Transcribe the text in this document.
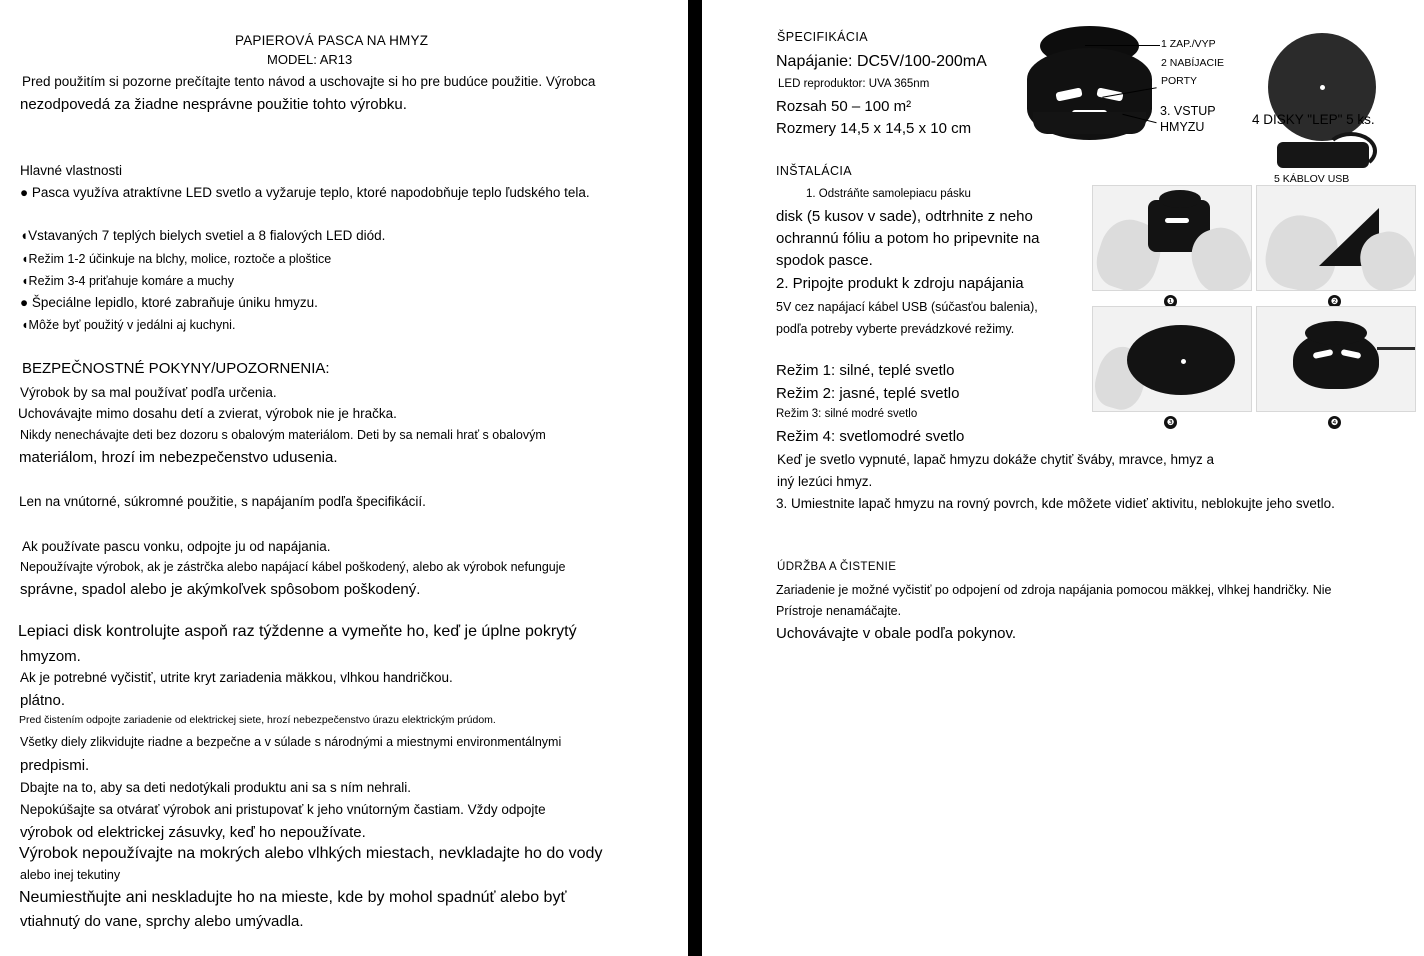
PAPIEROVÁ PASCA NA HMYZ
MODEL: AR13
Pred použitím si pozorne prečítajte tento návod a uschovajte si ho pre budúce použitie. Výrobca
nezodpovedá za žiadne nesprávne použitie tohto výrobku.
Hlavné vlastnosti
● Pasca využíva atraktívne LED svetlo a vyžaruje teplo, ktoré napodobňuje teplo ľudského tela.
◖Vstavaných 7 teplých bielych svetiel a 8 fialových LED diód.
◖Režim 1-2 účinkuje na blchy, molice, roztoče a ploštice
◖Režim 3-4 priťahuje komáre a muchy
● Špeciálne lepidlo, ktoré zabraňuje úniku hmyzu.
◖Môže byť použitý v jedálni aj kuchyni.
BEZPEČNOSTNÉ POKYNY/UPOZORNENIA:
Výrobok by sa mal používať podľa určenia.
Uchovávajte mimo dosahu detí a zvierat, výrobok nie je hračka.
Nikdy nenechávajte deti bez dozoru s obalovým materiálom. Deti by sa nemali hrať s obalovým
materiálom, hrozí im nebezpečenstvo udusenia.
Len na vnútorné, súkromné použitie, s napájaním podľa špecifikácií.
Ak používate pascu vonku, odpojte ju od napájania.
Nepoužívajte výrobok, ak je zástrčka alebo napájací kábel poškodený, alebo ak výrobok nefunguje
správne, spadol alebo je akýmkoľvek spôsobom poškodený.
Lepiaci disk kontrolujte aspoň raz týždenne a vymeňte ho, keď je úplne pokrytý
hmyzom.
Ak je potrebné vyčistiť, utrite kryt zariadenia mäkkou, vlhkou handričkou.
plátno.
Pred čistením odpojte zariadenie od elektrickej siete, hrozí nebezpečenstvo úrazu elektrickým prúdom.
Všetky diely zlikvidujte riadne a bezpečne a v súlade s národnými a miestnymi environmentálnymi
predpismi.
Dbajte na to, aby sa deti nedotýkali produktu ani sa s ním nehrali.
Nepokúšajte sa otvárať výrobok ani pristupovať k jeho vnútorným častiam. Vždy odpojte
výrobok od elektrickej zásuvky, keď ho nepoužívate.
Výrobok nepoužívajte na mokrých alebo vlhkých miestach, nevkladajte ho do vody
alebo inej tekutiny
Neumiestňujte ani neskladujte ho na mieste, kde by mohol spadnúť alebo byť
vtiahnutý do vane, sprchy alebo umývadla.
ŠPECIFIKÁCIA
Napájanie: DC5V/100-200mA
LED reproduktor: UVA 365nm
Rozsah 50 – 100 m²
Rozmery 14,5 x 14,5 x 10 cm
1 ZAP./VYP
2 NABÍJACIE
PORTY
3. VSTUP
HMYZU	4 DISKY "LEP" 5 ks.
5 KÁBLOV USB
INŠTALÁCIA
1. Odstráňte samolepiacu pásku
disk (5 kusov v sade), odtrhnite z neho
ochrannú fóliu a potom ho pripevnite na
spodok pasce.
2. Pripojte produkt k zdroju napájania
5V cez napájací kábel USB (súčasťou balenia),
podľa potreby vyberte prevádzkové režimy.
Režim 1: silné, teplé svetlo
Režim 2: jasné, teplé svetlo
Režim 3: silné modré svetlo
Režim 4: svetlomodré svetlo
Keď je svetlo vypnuté, lapač hmyzu dokáže chytiť šváby, mravce, hmyz a
iný lezúci hmyz.
3. Umiestnite lapač hmyzu na rovný povrch, kde môžete vidieť aktivitu, neblokujte jeho svetlo.
❶	❷
❸	❹
ÚDRŽBA A ČISTENIE
Zariadenie je možné vyčistiť po odpojení od zdroja napájania pomocou mäkkej, vlhkej handričky. Nie
Prístroje nenamáčajte.
Uchovávajte v obale podľa pokynov.
